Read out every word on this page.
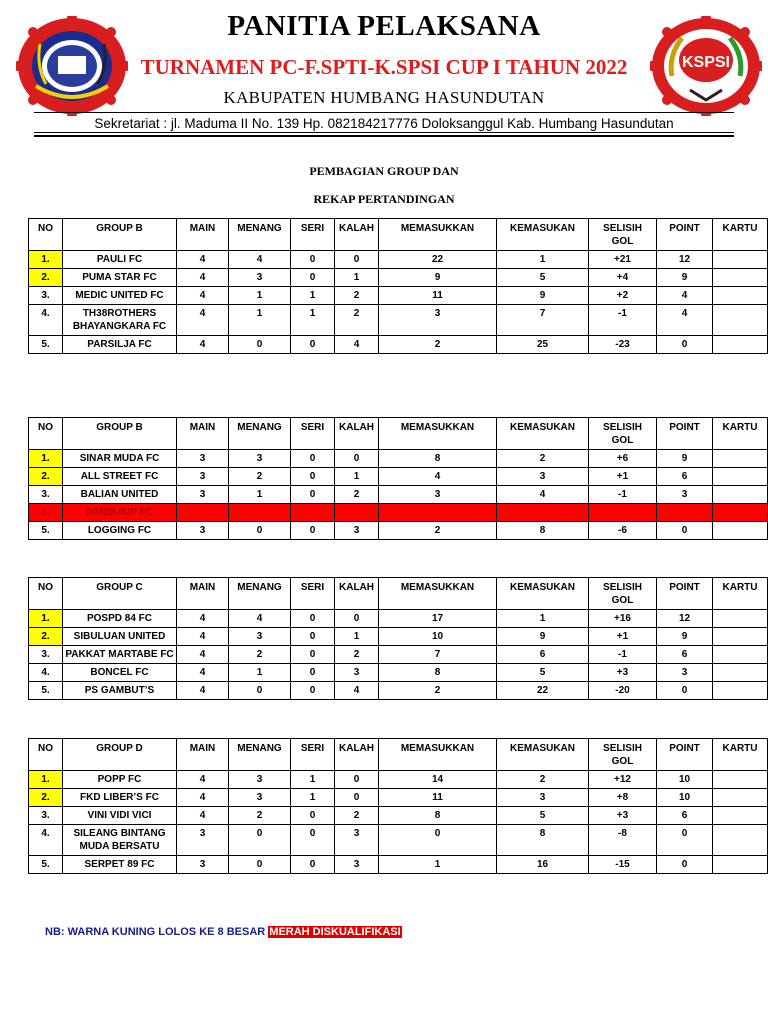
KSPSI
PANITIA PELAKSANA
TURNAMEN PC-F.SPTI-K.SPSI CUP I TAHUN 2022
KABUPATEN HUMBANG HASUNDUTAN
Sekretariat : jl. Maduma II No. 139 Hp. 082184217776 Doloksanggul Kab. Humbang Hasundutan
PEMBAGIAN GROUP DAN
REKAP PERTANDINGAN
NO	GROUP B	MAIN	MENANG	SERI	KALAH	MEMASUKKAN	KEMASUKAN	SELISIH GOL	POINT	KARTU
1.	PAULI FC	4	4	0	0	22	1	+21	12	
2.	PUMA STAR FC	4	3	0	1	9	5	+4	9	
3.	MEDIC UNITED FC	4	1	1	2	11	9	+2	4	
4.	TH38ROTHERS BHAYANGKARA FC	4	1	1	2	3	7	-1	4	
5.	PARSILJA FC	4	0	0	4	2	25	-23	0	
NO	GROUP B	MAIN	MENANG	SERI	KALAH	MEMASUKKAN	KEMASUKAN	SELISIH GOL	POINT	KARTU
1.	SINAR MUDA FC	3	3	0	0	8	2	+6	9	
2.	ALL STREET FC	3	2	0	1	4	3	+1	6	
3.	BALIAN UNITED	3	1	0	2	3	4	-1	3	
4.	PANDUSIP FC									
5.	LOGGING FC	3	0	0	3	2	8	-6	0	
NO	GROUP C	MAIN	MENANG	SERI	KALAH	MEMASUKKAN	KEMASUKAN	SELISIH GOL	POINT	KARTU
1.	POSPD 84 FC	4	4	0	0	17	1	+16	12	
2.	SIBULUAN UNITED	4	3	0	1	10	9	+1	9	
3.	PAKKAT MARTABE FC	4	2	0	2	7	6	-1	6	
4.	BONCEL FC	4	1	0	3	8	5	+3	3	
5.	PS GAMBUT’S	4	0	0	4	2	22	-20	0	
NO	GROUP D	MAIN	MENANG	SERI	KALAH	MEMASUKKAN	KEMASUKAN	SELISIH GOL	POINT	KARTU
1.	POPP FC	4	3	1	0	14	2	+12	10	
2.	FKD LIBER’S FC	4	3	1	0	11	3	+8	10	
3.	VINI VIDI VICI	4	2	0	2	8	5	+3	6	
4.	SILEANG BINTANG MUDA BERSATU	3	0	0	3	0	8	-8	0	
5.	SERPET 89 FC	3	0	0	3	1	16	-15	0	
NB: WARNA KUNING LOLOS KE 8 BESAR MERAH DISKUALIFIKASI
